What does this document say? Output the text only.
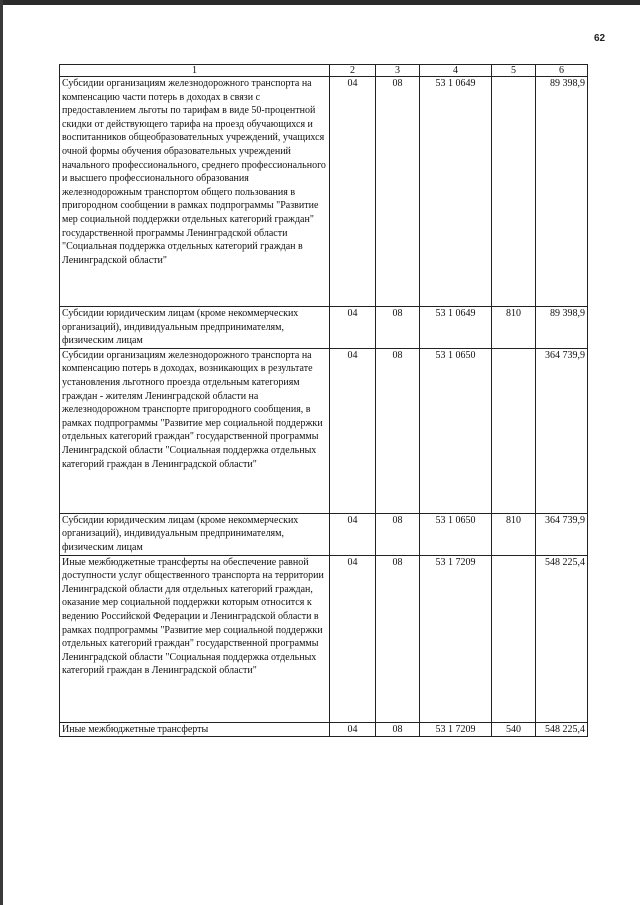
62
1	2	3	4	5	6
Субсидии организациям железнодорожного транспорта на компенсацию части потерь в доходах в связи с предоставлением льготы по тарифам в виде 50-процентной скидки от действующего тарифа на проезд обучающихся и воспитанников общеобразовательных учреждений, учащихся очной формы обучения образовательных учреждений начального профессионального, среднего профессионального и высшего профессионального образования железнодорожным транспортом общего пользования в пригородном сообщении в рамках подпрограммы "Развитие мер социальной поддержки отдельных категорий граждан" государственной программы Ленинградской области "Социальная поддержка отдельных категорий граждан в Ленинградской области"	04	08	53 1 0649		89 398,9
Субсидии юридическим лицам (кроме некоммерческих организаций), индивидуальным предпринимателям, физическим лицам	04	08	53 1 0649	810	89 398,9
Субсидии организациям железнодорожного транспорта на компенсацию потерь в доходах, возникающих в результате установления льготного проезда отдельным категориям граждан - жителям Ленинградской области на железнодорожном транспорте пригородного сообщения, в рамках подпрограммы "Развитие мер социальной поддержки отдельных категорий граждан" государственной программы Ленинградской области "Социальная поддержка отдельных категорий граждан в Ленинградской области"	04	08	53 1 0650		364 739,9
Субсидии юридическим лицам (кроме некоммерческих организаций), индивидуальным предпринимателям, физическим лицам	04	08	53 1 0650	810	364 739,9
Иные межбюджетные трансферты на обеспечение равной доступности услуг общественного транспорта на территории Ленинградской области для отдельных категорий граждан, оказание мер социальной поддержки которым относится к ведению Российской Федерации и Ленинградской области в рамках подпрограммы "Развитие мер социальной поддержки отдельных категорий граждан" государственной программы Ленинградской области "Социальная поддержка отдельных категорий граждан в Ленинградской области"	04	08	53 1 7209		548 225,4
Иные межбюджетные трансферты	04	08	53 1 7209	540	548 225,4
